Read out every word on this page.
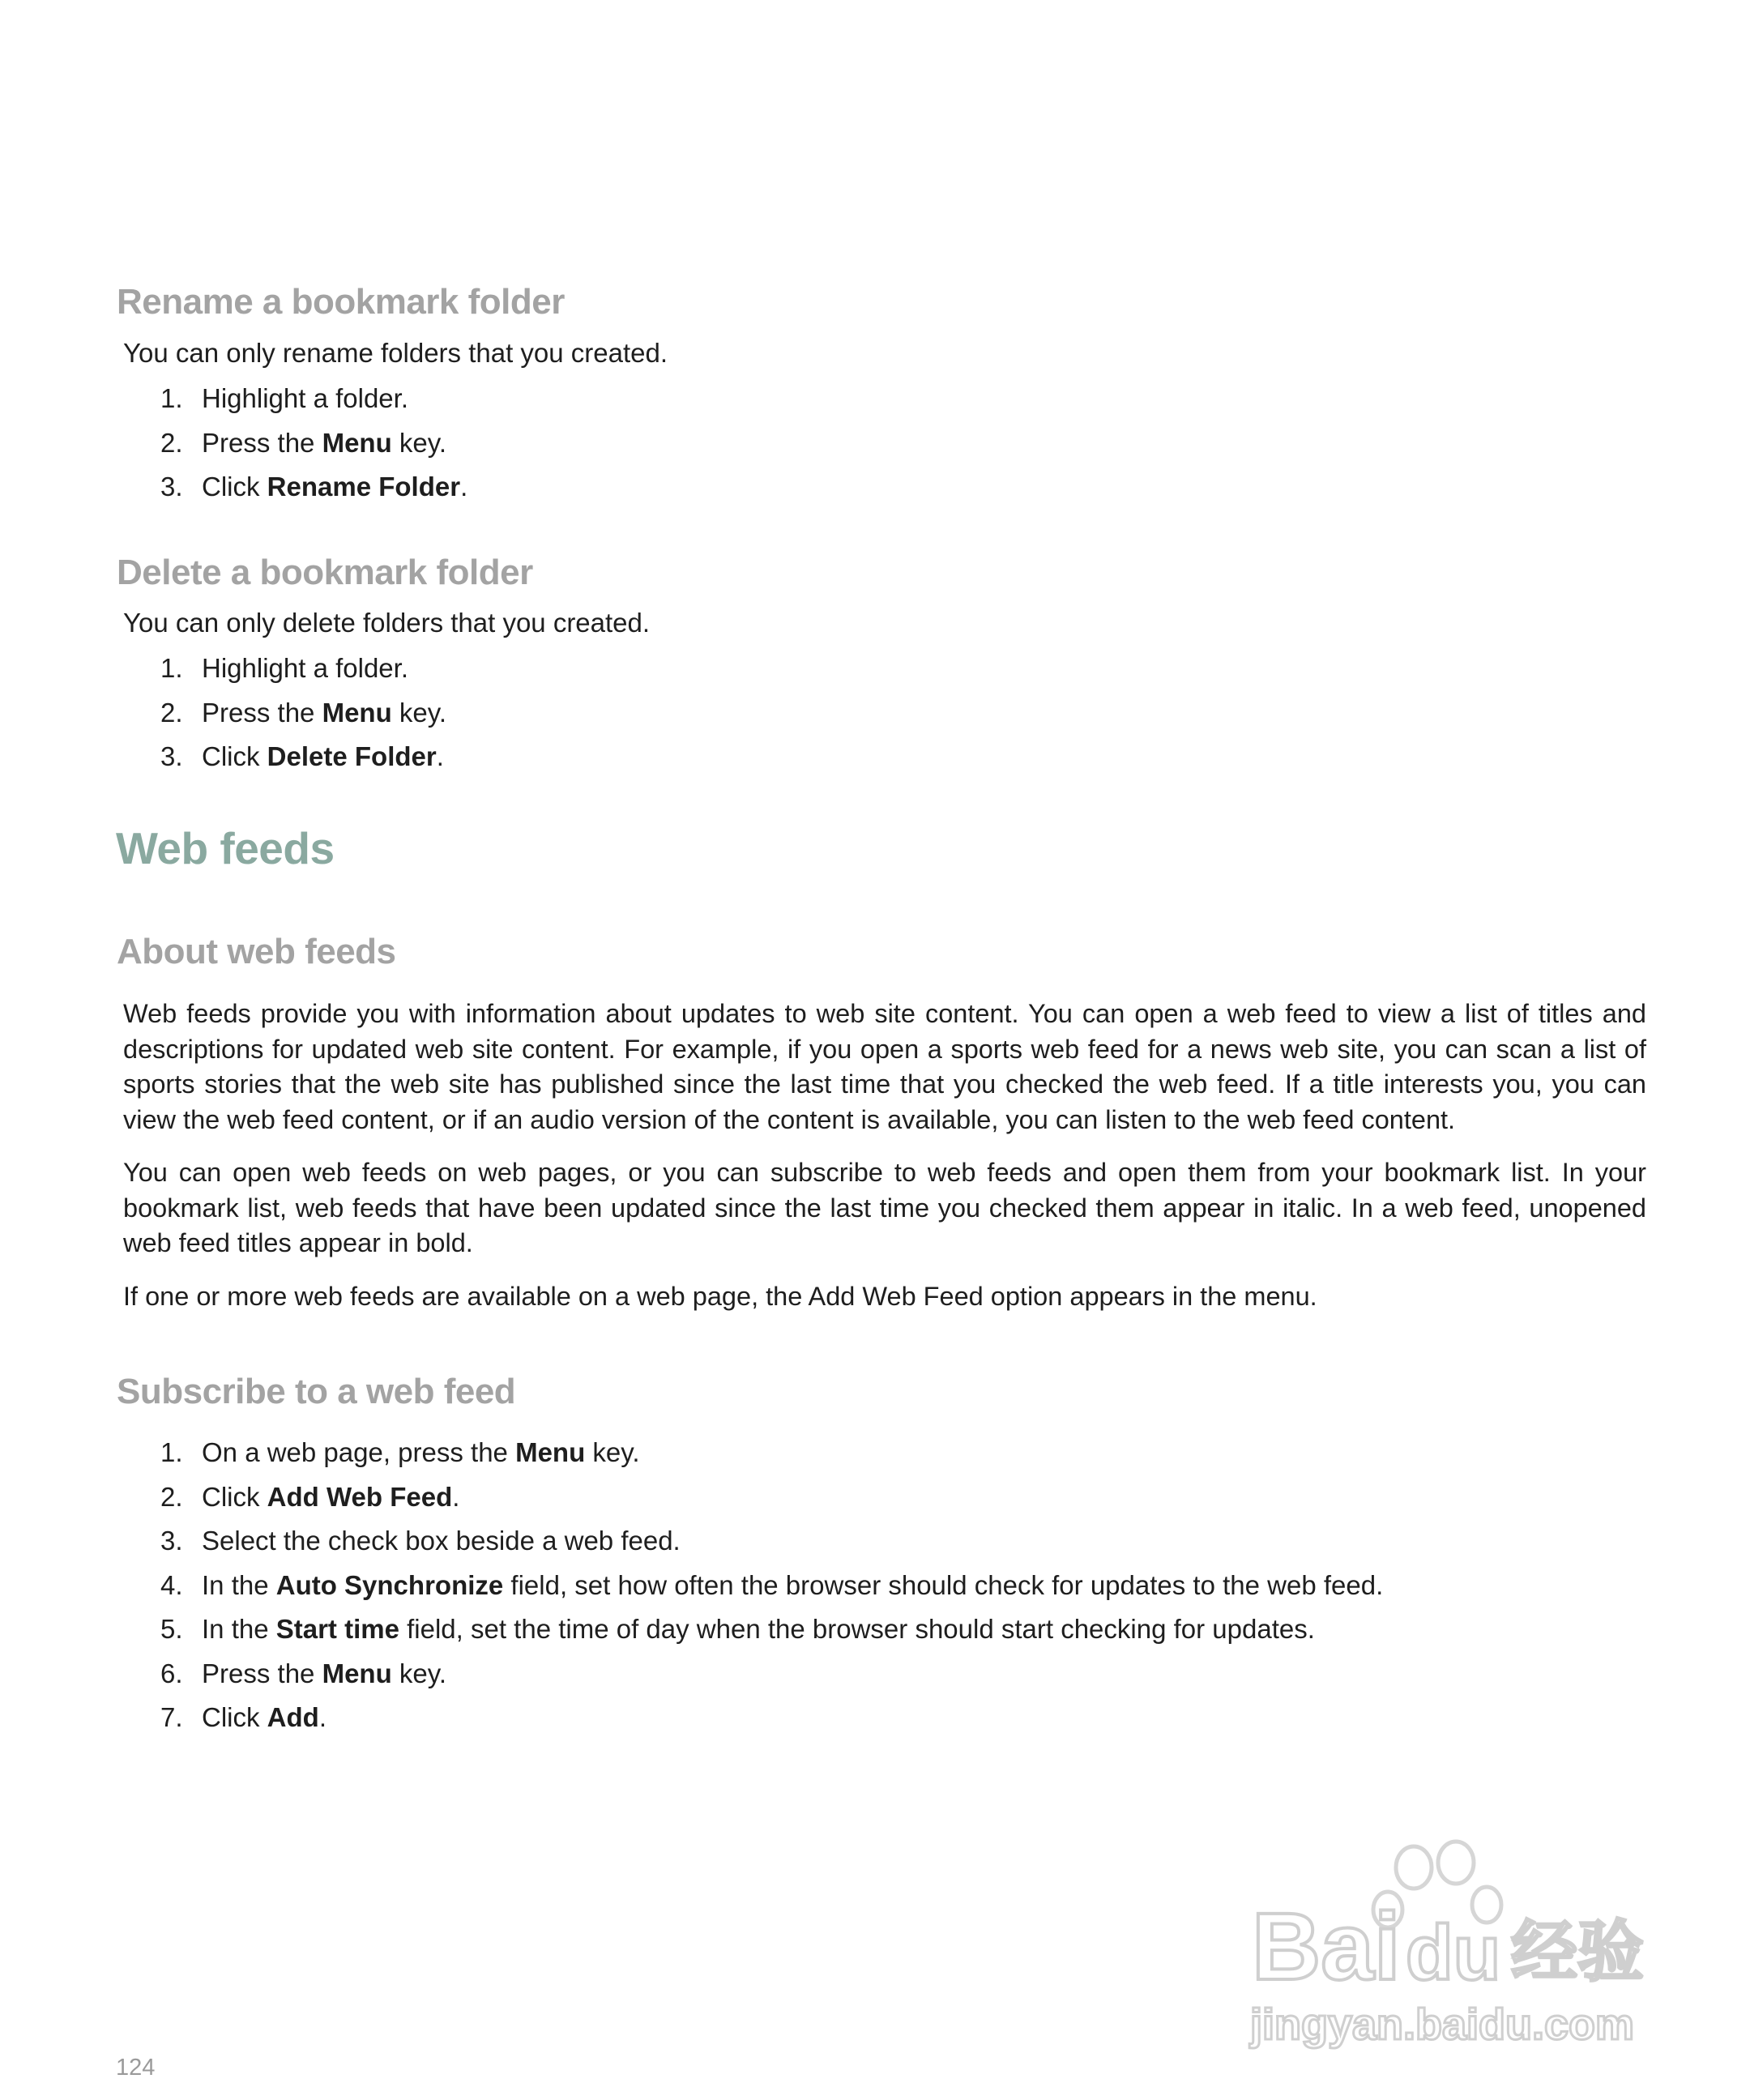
Rename a bookmark folder

You can only rename folders that you created.

1. Highlight a folder.
2. Press the Menu key.
3. Click Rename Folder.
Delete a bookmark folder

You can only delete folders that you created.

1. Highlight a folder.
2. Press the Menu key.
3. Click Delete Folder.
Web feeds
About web feeds

Web feeds provide you with information about updates to web site content. You can open a web feed to view a list of titles and descriptions for updated web site content. For example, if you open a sports web feed for a news web site, you can scan a list of sports stories that the web site has published since the last time that you checked the web feed. If a title interests you, you can view the web feed content, or if an audio version of the content is available, you can listen to the web feed content.

You can open web feeds on web pages, or you can subscribe to web feeds and open them from your bookmark list. In your bookmark list, web feeds that have been updated since the last time you checked them appear in italic. In a web feed, unopened web feed titles appear in bold.

If one or more web feeds are available on a web page, the Add Web Feed option appears in the menu.

Subscribe to a web feed
1. On a web page, press the Menu key.
2. Click Add Web Feed.
3. Select the check box beside a web feed.
4. In the Auto Synchronize field, set how often the browser should check for updates to the web feed.
5. In the Start time field, set the time of day when the browser should start checking for updates.
6. Press the Menu key.
7. Click Add.
Bai du 经验
jingyan.baidu.com
124
